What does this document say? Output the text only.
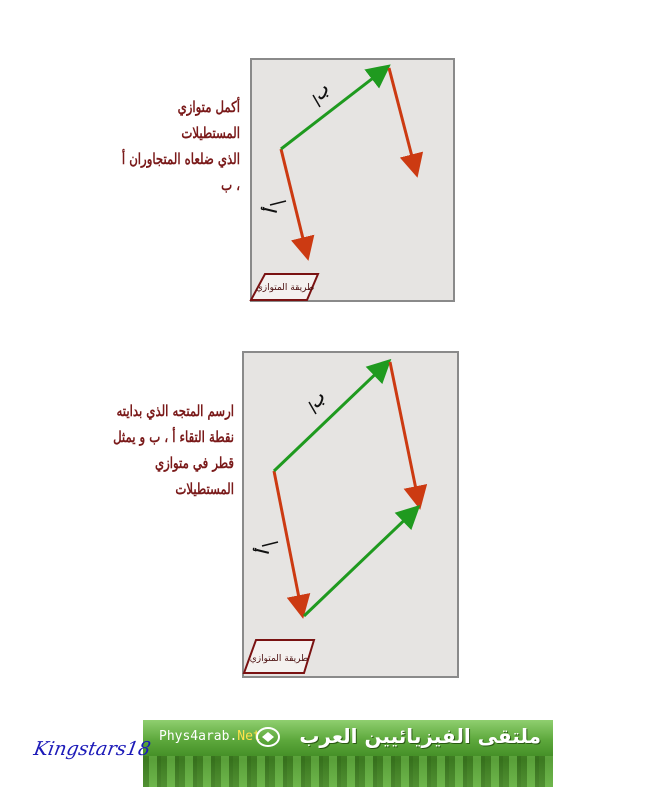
أكمل متوازي المستطيلات
الذي ضلعاه المتجاوران أ ، ب
ارسم المتجه الذي بدايته
نقطة التقاء أ ، ب و يمثل
قطر في متوازي المستطيلات
أ
ب
طريقة المتوازي
أ
ب
طريقة المتوازي
Phys4arab.Net ملتقى الفيزيائيين العرب
Kingstars18
